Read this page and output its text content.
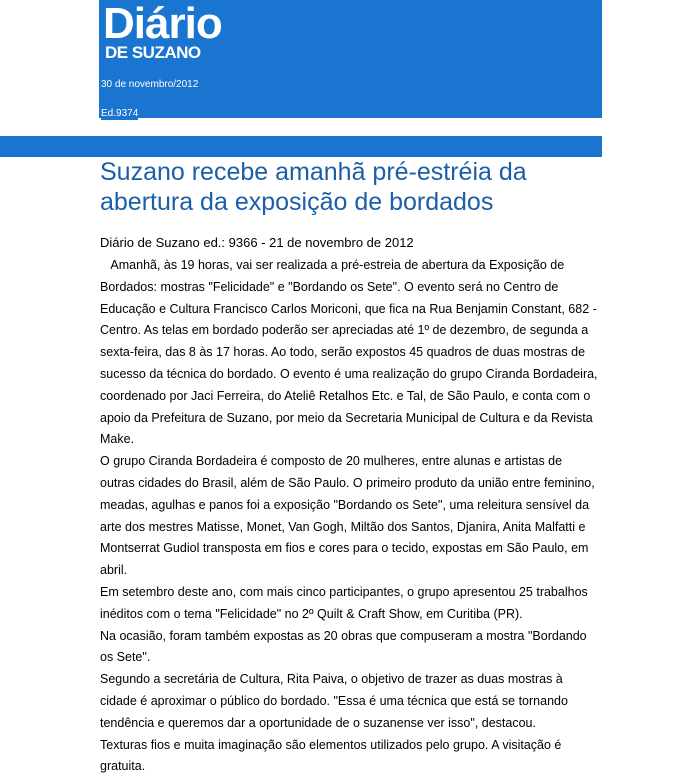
Diário
DE SUZANO
30 de novembro/2012
Ed.9374
Suzano recebe amanhã pré-estréia da abertura da exposição de bordados
Diário de Suzano ed.: 9366 - 21 de novembro de 2012

Amanhã, às 19 horas, vai ser realizada a pré-estreia de abertura da Exposição de Bordados: mostras "Felicidade" e "Bordando os Sete". O evento será no Centro de Educação e Cultura Francisco Carlos Moriconi, que fica na Rua Benjamin Constant, 682 - Centro. As telas em bordado poderão ser apreciadas até 1º de dezembro, de segunda a sexta-feira, das 8 às 17 horas. Ao todo, serão expostos 45 quadros de duas mostras de sucesso da técnica do bordado. O evento é uma realização do grupo Ciranda Bordadeira, coordenado por Jaci Ferreira, do Ateliê Retalhos Etc. e Tal, de São Paulo, e conta com o apoio da Prefeitura de Suzano, por meio da Secretaria Municipal de Cultura e da Revista Make.

O grupo Ciranda Bordadeira é composto de 20 mulheres, entre alunas e artistas de outras cidades do Brasil, além de São Paulo. O primeiro produto da união entre feminino, meadas, agulhas e panos foi a exposição "Bordando os Sete", uma releitura sensível da arte dos mestres Matisse, Monet, Van Gogh, Miltão dos Santos, Djanira, Anita Malfatti e Montserrat Gudiol transposta em fios e cores para o tecido, expostas em São Paulo, em abril.

Em setembro deste ano, com mais cinco participantes, o grupo apresentou 25 trabalhos inéditos com o tema "Felicidade" no 2º Quilt & Craft Show, em Curitiba (PR).

Na ocasião, foram também expostas as 20 obras que compuseram a mostra "Bordando os Sete".

Segundo a secretária de Cultura, Rita Paiva, o objetivo de trazer as duas mostras à cidade é aproximar o público do bordado. "Essa é uma técnica que está se tornando tendência e queremos dar a oportunidade de o suzanense ver isso", destacou.

Texturas fios e muita imaginação são elementos utilizados pelo grupo. A visitação é gratuita.
